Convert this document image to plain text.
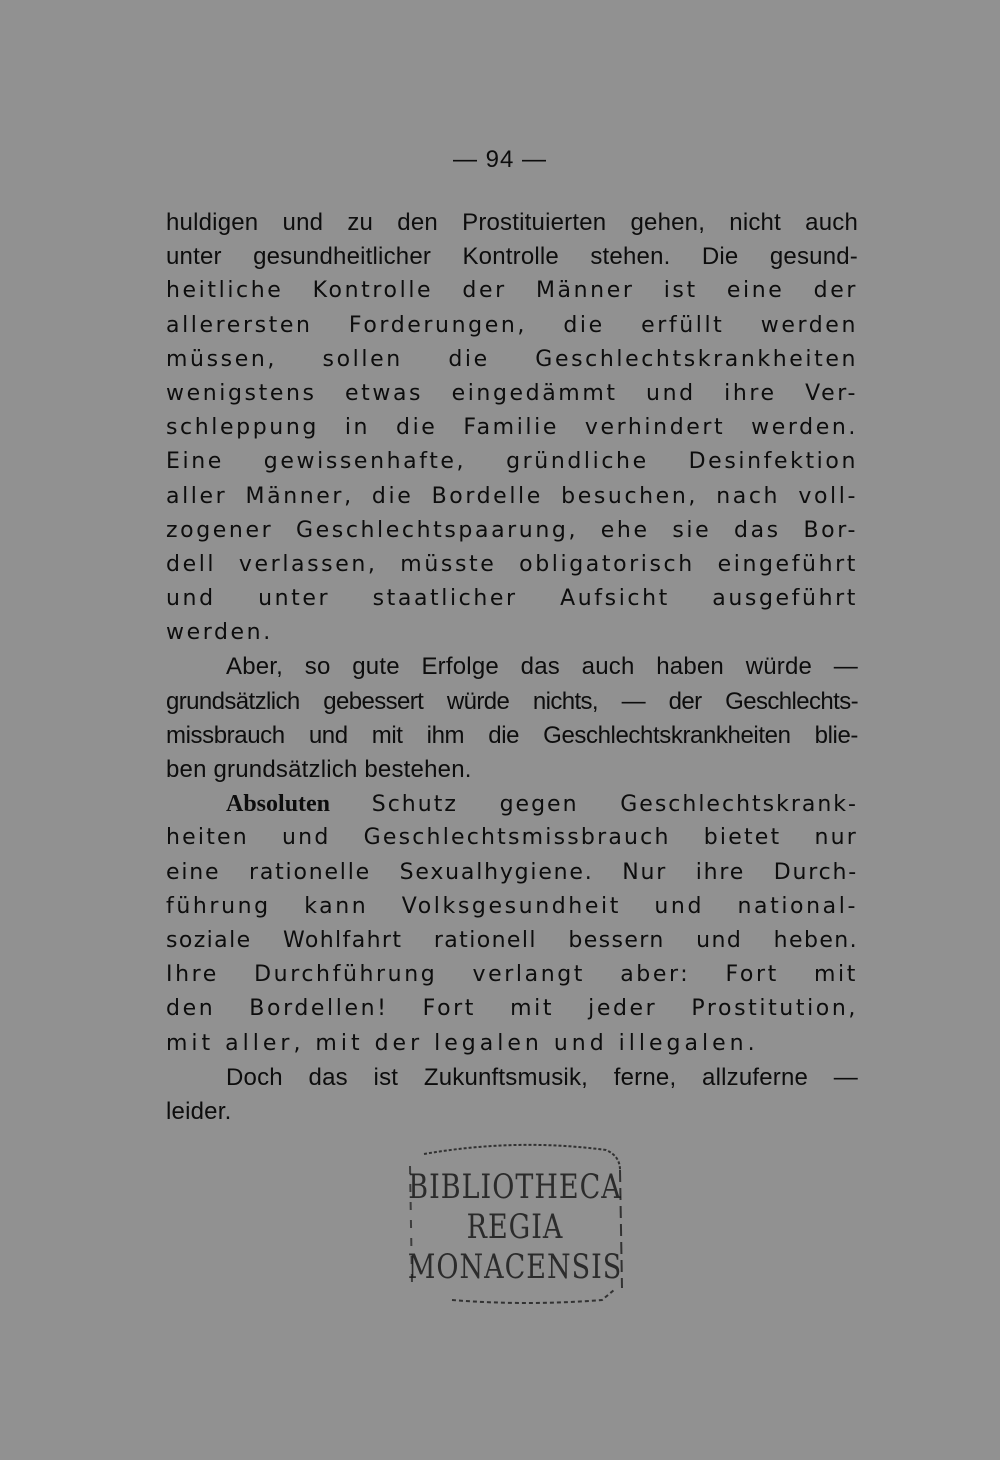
— 94 —
huldigen und zu den Prostituierten gehen, nicht auch
unter gesundheitlicher Kontrolle stehen. Die gesund-
heitliche Kontrolle der Männer ist eine der
allerersten Forderungen, die erfüllt werden
müssen, sollen die Geschlechtskrankheiten
wenigstens etwas eingedämmt und ihre Ver-
schleppung in die Familie verhindert werden.
Eine gewissenhafte, gründliche Desinfektion
aller Männer, die Bordelle besuchen, nach voll-
zogener Geschlechtspaarung, ehe sie das Bor-
dell verlassen, müsste obligatorisch eingeführt
und unter staatlicher Aufsicht ausgeführt
werden.
Aber, so gute Erfolge das auch haben würde —
grundsätzlich gebessert würde nichts, — der Geschlechts-
missbrauch und mit ihm die Geschlechtskrankheiten blie-
ben grundsätzlich bestehen.
Absoluten Schutz gegen Geschlechtskrank-
heiten und Geschlechtsmissbrauch bietet nur
eine rationelle Sexualhygiene. Nur ihre Durch-
führung kann Volksgesundheit und national-
soziale Wohlfahrt rationell bessern und heben.
Ihre Durchführung verlangt aber: Fort mit
den Bordellen! Fort mit jeder Prostitution,
mit aller, mit der legalen und illegalen.
Doch das ist Zukunftsmusik, ferne, allzuferne —
leider.
BIBLIOTHECA
REGIA
MONACENSIS
